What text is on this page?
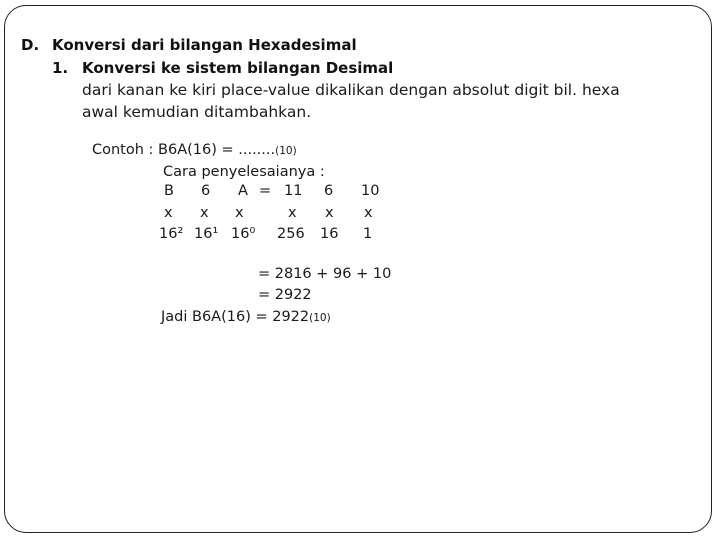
D. Konversi dari bilangan Hexadesimal
1. Konversi ke sistem bilangan Desimal
dari kanan ke kiri place-value dikalikan dengan absolut digit bil. hexa
awal kemudian ditambahkan.
Contoh : B6A(16) = ........(10)
Cara penyelesaianya :
B 6 A = 11 6 10
x x x	x x x
16² 16¹ 16⁰ 256 16 1
= 2816 + 96 + 10
= 2922
Jadi B6A(16) = 2922(10)
